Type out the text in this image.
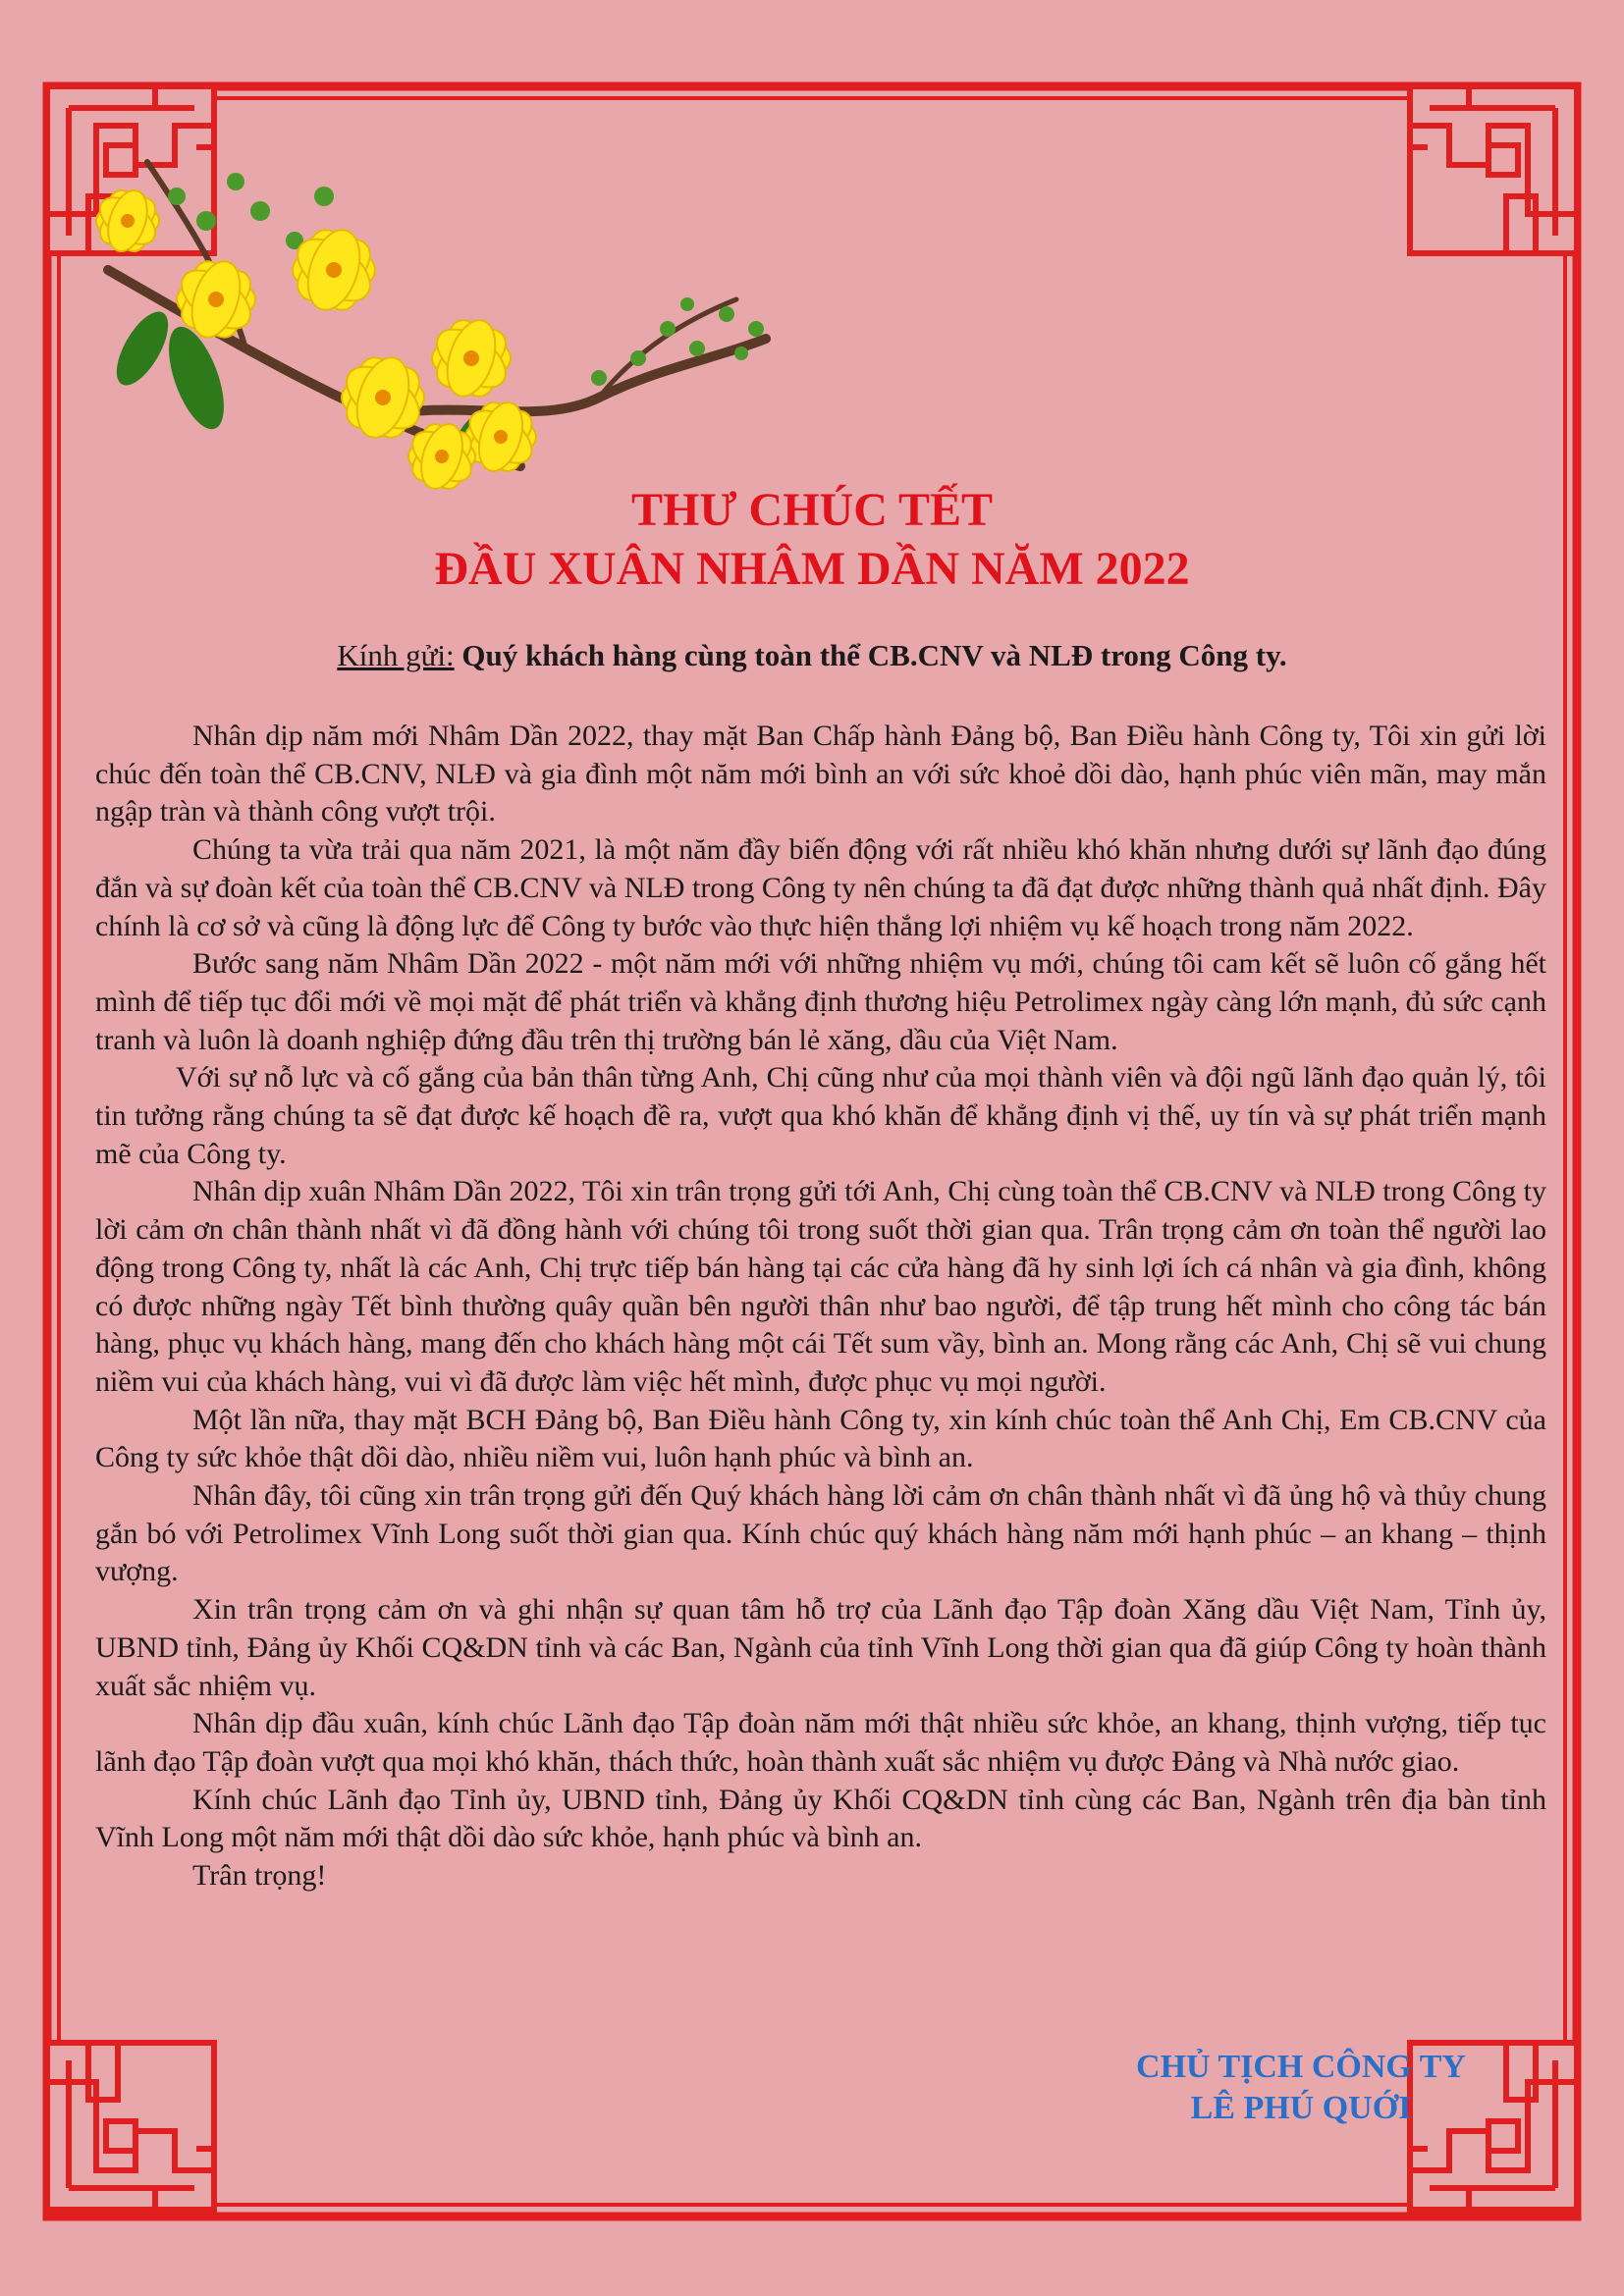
THƯ CHÚC TẾT
ĐẦU XUÂN NHÂM DẦN NĂM 2022
Kính gửi: Quý khách hàng cùng toàn thể CB.CNV và NLĐ trong Công ty.

Nhân dịp năm mới Nhâm Dần 2022, thay mặt Ban Chấp hành Đảng bộ, Ban Điều hành Công ty, Tôi xin gửi lời chúc đến toàn thể CB.CNV, NLĐ và gia đình một năm mới bình an với sức khoẻ dồi dào, hạnh phúc viên mãn, may mắn ngập tràn và thành công vượt trội.

Chúng ta vừa trải qua năm 2021, là một năm đầy biến động với rất nhiều khó khăn nhưng dưới sự lãnh đạo đúng đắn và sự đoàn kết của toàn thể CB.CNV và NLĐ trong Công ty nên chúng ta đã đạt được những thành quả nhất định. Đây chính là cơ sở và cũng là động lực để Công ty bước vào thực hiện thắng lợi nhiệm vụ kế hoạch trong năm 2022.

Bước sang năm Nhâm Dần 2022 - một năm mới với những nhiệm vụ mới, chúng tôi cam kết sẽ luôn cố gắng hết mình để tiếp tục đổi mới về mọi mặt để phát triển và khẳng định thương hiệu Petrolimex ngày càng lớn mạnh, đủ sức cạnh tranh và luôn là doanh nghiệp đứng đầu trên thị trường bán lẻ xăng, dầu của Việt Nam.

Với sự nỗ lực và cố gắng của bản thân từng Anh, Chị cũng như của mọi thành viên và đội ngũ lãnh đạo quản lý, tôi tin tưởng rằng chúng ta sẽ đạt được kế hoạch đề ra, vượt qua khó khăn để khẳng định vị thế, uy tín và sự phát triển mạnh mẽ của Công ty.

Nhân dịp xuân Nhâm Dần 2022, Tôi xin trân trọng gửi tới Anh, Chị cùng toàn thể CB.CNV và NLĐ trong Công ty lời cảm ơn chân thành nhất vì đã đồng hành với chúng tôi trong suốt thời gian qua. Trân trọng cảm ơn toàn thể người lao động trong Công ty, nhất là các Anh, Chị trực tiếp bán hàng tại các cửa hàng đã hy sinh lợi ích cá nhân và gia đình, không có được những ngày Tết bình thường quây quần bên người thân như bao người, để tập trung hết mình cho công tác bán hàng, phục vụ khách hàng, mang đến cho khách hàng một cái Tết sum vầy, bình an. Mong rằng các Anh, Chị sẽ vui chung niềm vui của khách hàng, vui vì đã được làm việc hết mình, được phục vụ mọi người.

Một lần nữa, thay mặt BCH Đảng bộ, Ban Điều hành Công ty, xin kính chúc toàn thể Anh Chị, Em CB.CNV của Công ty sức khỏe thật dồi dào, nhiều niềm vui, luôn hạnh phúc và bình an.

Nhân đây, tôi cũng xin trân trọng gửi đến Quý khách hàng lời cảm ơn chân thành nhất vì đã ủng hộ và thủy chung gắn bó với Petrolimex Vĩnh Long suốt thời gian qua. Kính chúc quý khách hàng năm mới hạnh phúc – an khang – thịnh vượng.

Xin trân trọng cảm ơn và ghi nhận sự quan tâm hỗ trợ của Lãnh đạo Tập đoàn Xăng dầu Việt Nam, Tỉnh ủy, UBND tỉnh, Đảng ủy Khối CQ&DN tỉnh và các Ban, Ngành của tỉnh Vĩnh Long thời gian qua đã giúp Công ty hoàn thành xuất sắc nhiệm vụ.

Nhân dịp đầu xuân, kính chúc Lãnh đạo Tập đoàn năm mới thật nhiều sức khỏe, an khang, thịnh vượng, tiếp tục lãnh đạo Tập đoàn vượt qua mọi khó khăn, thách thức, hoàn thành xuất sắc nhiệm vụ được Đảng và Nhà nước giao.

Kính chúc Lãnh đạo Tỉnh ủy, UBND tỉnh, Đảng ủy Khối CQ&DN tỉnh cùng các Ban, Ngành trên địa bàn tỉnh Vĩnh Long một năm mới thật dồi dào sức khỏe, hạnh phúc và bình an.

Trân trọng!

CHỦ TỊCH CÔNG TY
LÊ PHÚ QUỚI
